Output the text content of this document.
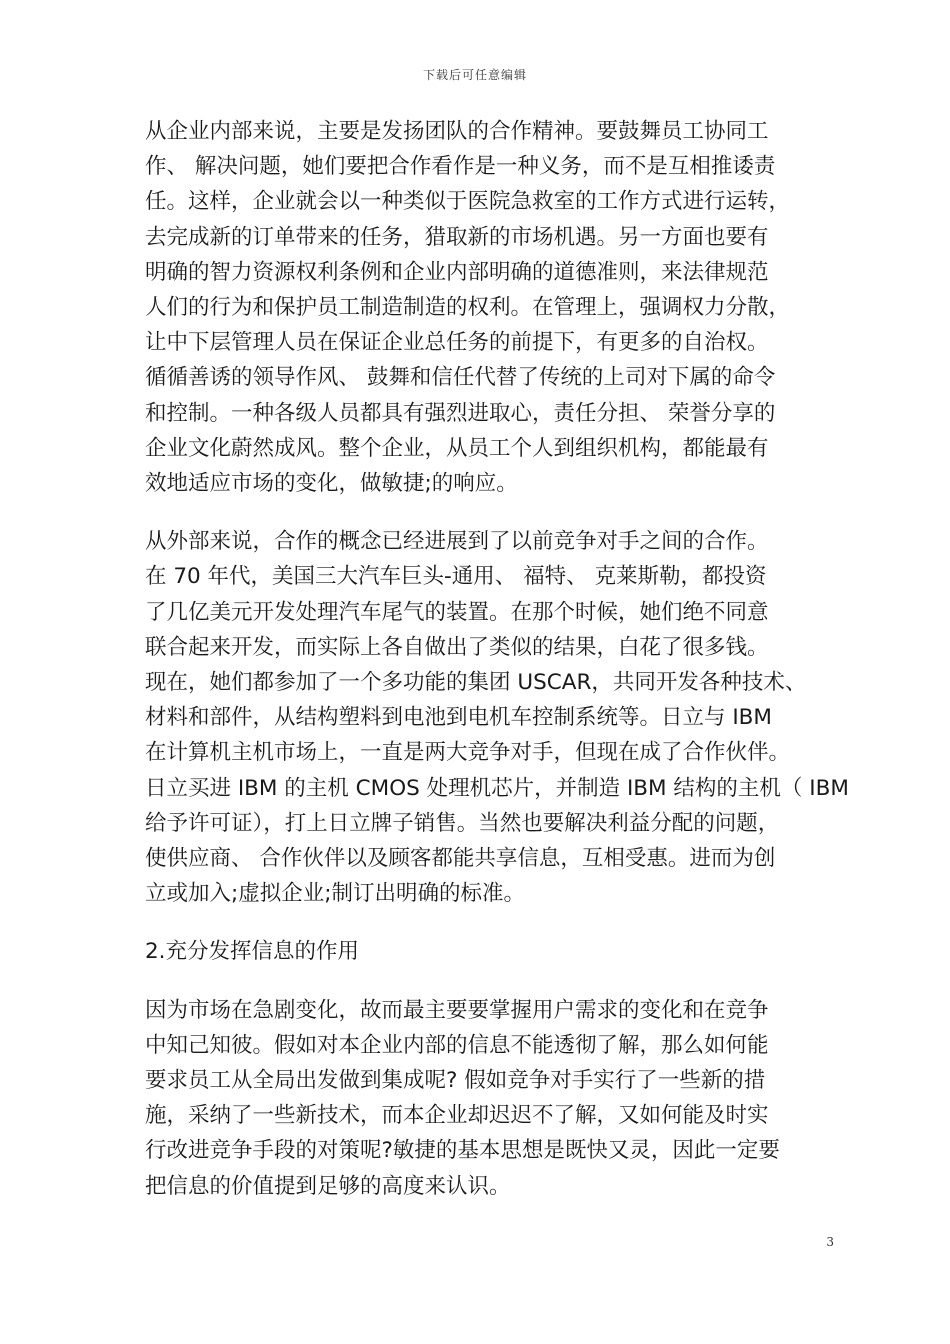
下载后可任意编辑

从企业内部来说，主要是发扬团队的合作精神。要鼓舞员工协同工
作、 解决问题，她们要把合作看作是一种义务，而不是互相推诿责
任。这样，企业就会以一种类似于医院急救室的工作方式进行运转，
去完成新的订单带来的任务，猎取新的市场机遇。另一方面也要有
明确的智力资源权利条例和企业内部明确的道德准则，来法律规范
人们的行为和保护员工制造制造的权利。在管理上，强调权力分散，
让中下层管理人员在保证企业总任务的前提下，有更多的自治权。
循循善诱的领导作风、 鼓舞和信任代替了传统的上司对下属的命令
和控制。一种各级人员都具有强烈进取心，责任分担、 荣誉分享的
企业文化蔚然成风。整个企业，从员工个人到组织机构，都能最有
效地适应市场的变化，做敏捷;的响应。

从外部来说，合作的概念已经进展到了以前竞争对手之间的合作。
在 70 年代，美国三大汽车巨头-通用、 福特、 克莱斯勒，都投资
了几亿美元开发处理汽车尾气的装置。在那个时候，她们绝不同意
联合起来开发，而实际上各自做出了类似的结果，白花了很多钱。
现在，她们都参加了一个多功能的集团 USCAR，共同开发各种技术、
材料和部件，从结构塑料到电池到电机车控制系统等。日立与 IBM
在计算机主机市场上，一直是两大竞争对手，但现在成了合作伙伴。
日立买进 IBM 的主机 CMOS 处理机芯片，并制造 IBM 结构的主机（ IBM
给予许可证），打上日立牌子销售。当然也要解决利益分配的问题，
使供应商、 合作伙伴以及顾客都能共享信息，互相受惠。进而为创
立或加入;虚拟企业;制订出明确的标准。

2.充分发挥信息的作用

因为市场在急剧变化，故而最主要要掌握用户需求的变化和在竞争
中知己知彼。假如对本企业内部的信息不能透彻了解，那么如何能
要求员工从全局出发做到集成呢? 假如竞争对手实行了一些新的措
施，采纳了一些新技术，而本企业却迟迟不了解，又如何能及时实
行改进竞争手段的对策呢?敏捷的基本思想是既快又灵，因此一定要
把信息的价值提到足够的高度来认识。

3
